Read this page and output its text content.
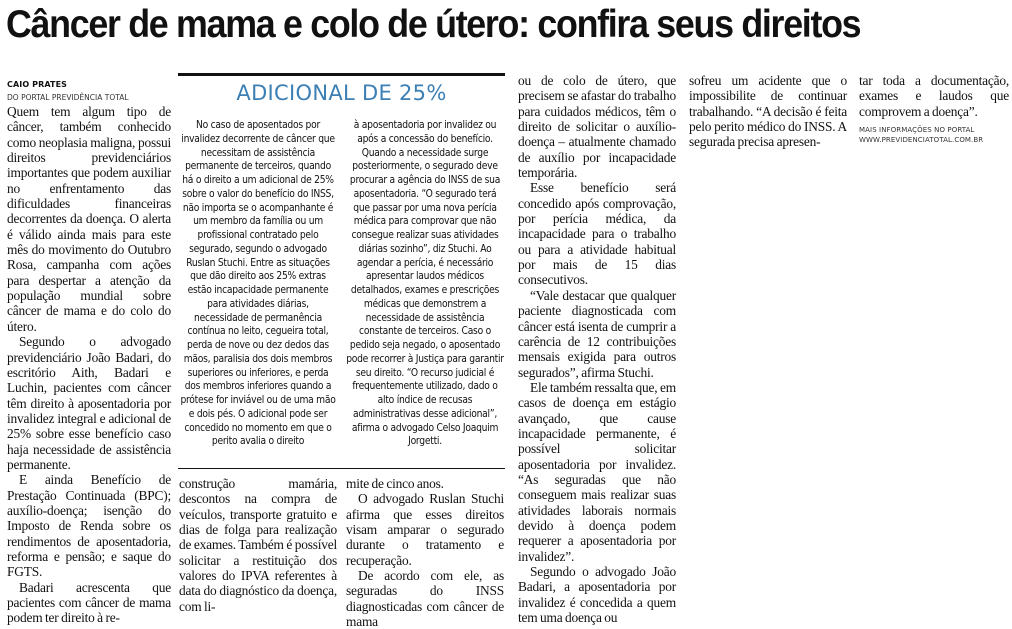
Câncer de mama e colo de útero: confira seus direitos
CAIO PRATES
DO PORTAL PREVIDÊNCIA TOTAL

Quem tem algum tipo de câncer, também conhecido como neoplasia maligna, possui direitos previdenciários importantes que podem auxiliar no enfrentamento das dificuldades financeiras decorrentes da doença. O alerta é válido ainda mais para este mês do movimento do Outubro Rosa, campanha com ações para despertar a atenção da população mundial sobre câncer de mama e do colo do útero.

Segundo o advogado previdenciário João Badari, do escritório Aith, Badari e Luchin, pacientes com câncer têm direito à aposentadoria por invalidez integral e adicional de 25% sobre esse benefício caso haja necessidade de assistência permanente.

E ainda Benefício de Prestação Continuada (BPC); auxílio-doença; isenção do Imposto de Renda sobre os rendimentos de aposentadoria, reforma e pensão; e saque do FGTS.

Badari acrescenta que pacientes com câncer de mama podem ter direito à re-

ADICIONAL DE 25%

No caso de aposentados por invalidez decorrente de câncer que necessitam de assistência permanente de terceiros, quando há o direito a um adicional de 25% sobre o valor do benefício do INSS, não importa se o acompanhante é um membro da família ou um profissional contratado pelo segurado, segundo o advogado Ruslan Stuchi. Entre as situações que dão direito aos 25% extras estão incapacidade permanente para atividades diárias, necessidade de permanência contínua no leito, cegueira total, perda de nove ou dez dedos das mãos, paralisia dos dois membros superiores ou inferiores, e perda dos membros inferiores quando a prótese for inviável ou de uma mão e dois pés. O adicional pode ser concedido no momento em que o perito avalia o direito

à aposentadoria por invalidez ou após a concessão do benefício. Quando a necessidade surge posteriormente, o segurado deve procurar a agência do INSS de sua aposentadoria. “O segurado terá que passar por uma nova perícia médica para comprovar que não consegue realizar suas atividades diárias sozinho”, diz Stuchi. Ao agendar a perícia, é necessário apresentar laudos médicos detalhados, exames e prescrições médicas que demonstrem a necessidade de assistência constante de terceiros. Caso o pedido seja negado, o aposentado pode recorrer à Justiça para garantir seu direito. “O recurso judicial é frequentemente utilizado, dado o alto índice de recusas administrativas desse adicional”, afirma o advogado Celso Joaquim Jorgetti.

construção mamária, descontos na compra de veículos, transporte gratuito e dias de folga para realização de exames. Também é possível solicitar a restituição dos valores do IPVA referentes à data do diagnóstico da doença, com li-

mite de cinco anos.

O advogado Ruslan Stuchi afirma que esses direitos visam amparar o segurado durante o tratamento e recuperação.

De acordo com ele, as seguradas do INSS diagnosticadas com câncer de mama

ou de colo de útero, que precisem se afastar do trabalho para cuidados médicos, têm o direito de solicitar o auxílio-doença – atualmente chamado de auxílio por incapacidade temporária.

Esse benefício será concedido após comprovação, por perícia médica, da incapacidade para o trabalho ou para a atividade habitual por mais de 15 dias consecutivos.

“Vale destacar que qualquer paciente diagnosticada com câncer está isenta de cumprir a carência de 12 contribuições mensais exigida para outros segurados”, afirma Stuchi.

Ele também ressalta que, em casos de doença em estágio avançado, que cause incapacidade permanente, é possível solicitar aposentadoria por invalidez. “As seguradas que não conseguem mais realizar suas atividades laborais normais devido à doença podem requerer a aposentadoria por invalidez”.

Segundo o advogado João Badari, a aposentadoria por invalidez é concedida a quem tem uma doença ou

sofreu um acidente que o impossibilite de continuar trabalhando. “A decisão é feita pelo perito médico do INSS. A segurada precisa apresen-

tar toda a documentação, exames e laudos que comprovem a doença”.

MAIS INFORMAÇÕES NO PORTAL
WWW.PREVIDENCIATOTAL.COM.BR
